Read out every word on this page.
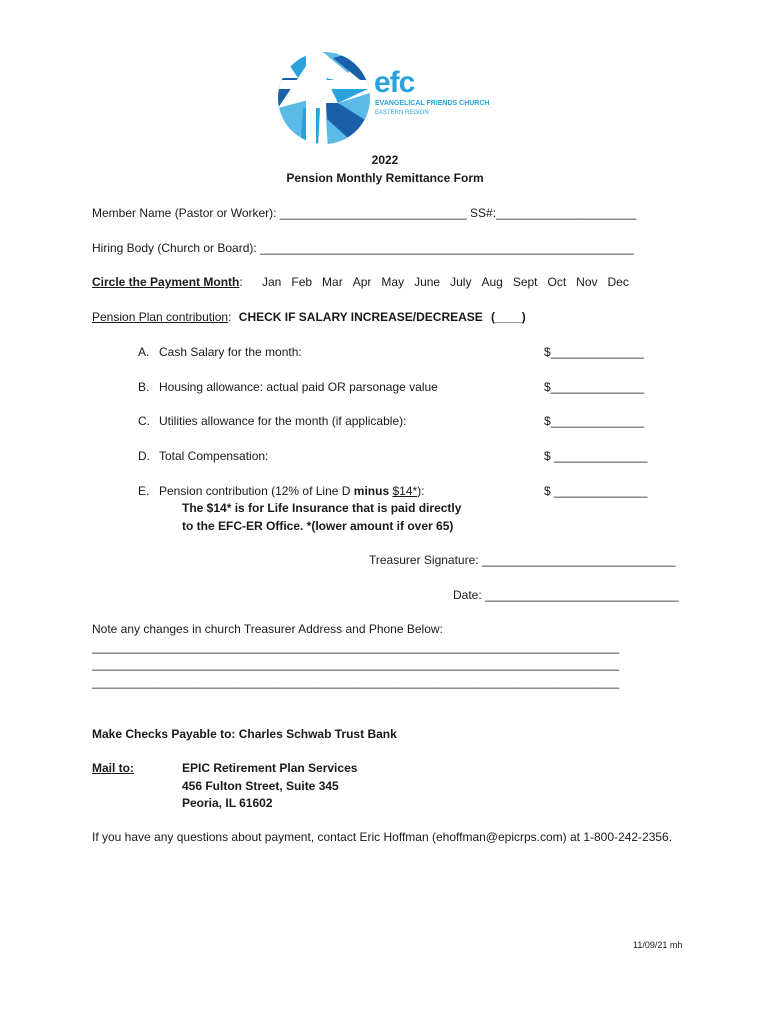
efc
EVANGELICAL FRIENDS CHURCH
EASTERN REGION
2022
Pension Monthly Remittance Form
Member Name (Pastor or Worker): ____________________________ SS#:_____________________
Hiring Body (Church or Board): ________________________________________________________
Circle the Payment Month: Jan Feb Mar Apr May June July Aug Sept Oct Nov Dec
Pension Plan contribution: CHECK IF SALARY INCREASE/DECREASE (____)
A. Cash Salary for the month:	$______________
B. Housing allowance: actual paid OR parsonage value	$______________
C. Utilities allowance for the month (if applicable):	$______________
D. Total Compensation:	$ ______________
E. Pension contribution (12% of Line D minus $14*):	$ ______________
The $14* is for Life Insurance that is paid directly
to the EFC-ER Office. *(lower amount if over 65)
Treasurer Signature: _____________________________
Date: _____________________________
Note any changes in church Treasurer Address and Phone Below:
_______________________________________________________________________________
_______________________________________________________________________________
_______________________________________________________________________________
Make Checks Payable to: Charles Schwab Trust Bank
Mail to:	EPIC Retirement Plan Services
456 Fulton Street, Suite 345
Peoria, IL 61602
If you have any questions about payment, contact Eric Hoffman (ehoffman@epicrps.com) at 1-800-242-2356.
11/09/21 mh
